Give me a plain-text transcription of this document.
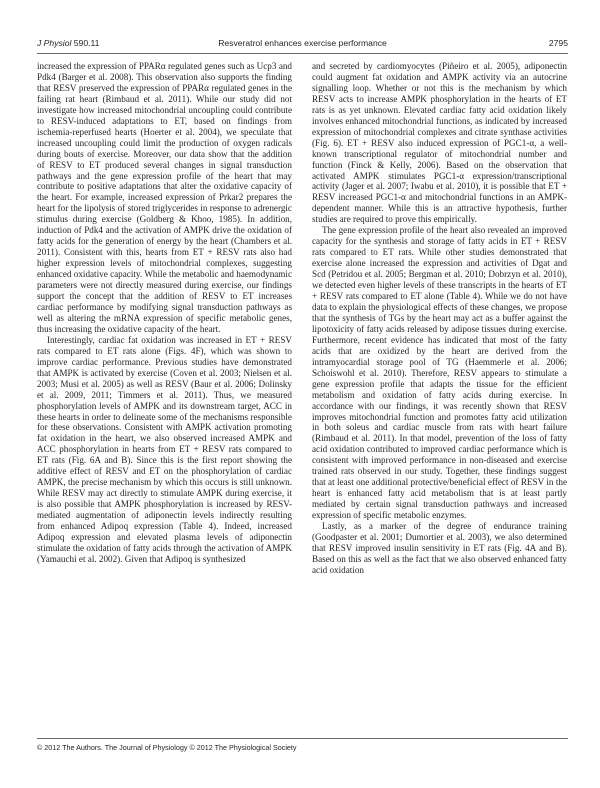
J Physiol 590.11	Resveratrol enhances exercise performance	2795

increased the expression of PPARα regulated genes such as Ucp3 and Pdk4 (Barger et al. 2008). This observation also supports the finding that RESV preserved the expression of PPARα regulated genes in the failing rat heart (Rimbaud et al. 2011). While our study did not investigate how increased mitochondrial uncoupling could contribute to RESV-induced adaptations to ET, based on findings from ischemia-reperfused hearts (Hoerter et al. 2004), we speculate that increased uncoupling could limit the production of oxygen radicals during bouts of exercise. Moreover, our data show that the addition of RESV to ET produced several changes in signal transduction pathways and the gene expression profile of the heart that may contribute to positive adaptations that alter the oxidative capacity of the heart. For example, increased expression of Prkar2 prepares the heart for the lipolysis of stored triglycerides in response to adrenergic stimulus during exercise (Goldberg & Khoo, 1985). In addition, induction of Pdk4 and the activation of AMPK drive the oxidation of fatty acids for the generation of energy by the heart (Chambers et al. 2011). Consistent with this, hearts from ET + RESV rats also had higher expression levels of mitochondrial complexes, suggesting enhanced oxidative capacity. While the metabolic and haemodynamic parameters were not directly measured during exercise, our findings support the concept that the addition of RESV to ET increases cardiac performance by modifying signal transduction pathways as well as altering the mRNA expression of specific metabolic genes, thus increasing the oxidative capacity of the heart.

Interestingly, cardiac fat oxidation was increased in ET + RESV rats compared to ET rats alone (Figs. 4F), which was shown to improve cardiac performance. Previous studies have demonstrated that AMPK is activated by exercise (Coven et al. 2003; Nielsen et al. 2003; Musi et al. 2005) as well as RESV (Baur et al. 2006; Dolinsky et al. 2009, 2011; Timmers et al. 2011). Thus, we measured phosphorylation levels of AMPK and its downstream target, ACC in these hearts in order to delineate some of the mechanisms responsible for these observations. Consistent with AMPK activation promoting fat oxidation in the heart, we also observed increased AMPK and ACC phosphorylation in hearts from ET + RESV rats compared to ET rats (Fig. 6A and B). Since this is the first report showing the additive effect of RESV and ET on the phosphorylation of cardiac AMPK, the precise mechanism by which this occurs is still unknown. While RESV may act directly to stimulate AMPK during exercise, it is also possible that AMPK phosphorylation is increased by RESV-mediated augmentation of adiponectin levels indirectly resulting from enhanced Adipoq expression (Table 4). Indeed, increased Adipoq expression and elevated plasma levels of adiponectin stimulate the oxidation of fatty acids through the activation of AMPK (Yamauchi et al. 2002). Given that Adipoq is synthesized

and secreted by cardiomyocytes (Piñeiro et al. 2005), adiponectin could augment fat oxidation and AMPK activity via an autocrine signalling loop. Whether or not this is the mechanism by which RESV acts to increase AMPK phosphorylation in the hearts of ET rats is as yet unknown. Elevated cardiac fatty acid oxidation likely involves enhanced mitochondrial functions, as indicated by increased expression of mitochondrial complexes and citrate synthase activities (Fig. 6). ET + RESV also induced expression of PGC1-α, a well-known transcriptional regulator of mitochondrial number and function (Finck & Kelly, 2006). Based on the observation that activated AMPK stimulates PGC1-α expression/transcriptional activity (Jager et al. 2007; Iwabu et al. 2010), it is possible that ET + RESV increased PGC1-α and mitochondrial functions in an AMPK-dependent manner. While this is an attractive hypothesis, further studies are required to prove this empirically.

The gene expression profile of the heart also revealed an improved capacity for the synthesis and storage of fatty acids in ET + RESV rats compared to ET rats. While other studies demonstrated that exercise alone increased the expression and activities of Dgat and Scd (Petridou et al. 2005; Bergman et al. 2010; Dobrzyn et al. 2010), we detected even higher levels of these transcripts in the hearts of ET + RESV rats compared to ET alone (Table 4). While we do not have data to explain the physiological effects of these changes, we propose that the synthesis of TGs by the heart may act as a buffer against the lipotoxicity of fatty acids released by adipose tissues during exercise. Furthermore, recent evidence has indicated that most of the fatty acids that are oxidized by the heart are derived from the intramyocardial storage pool of TG (Haemmerle et al. 2006; Schoiswohl et al. 2010). Therefore, RESV appears to stimulate a gene expression profile that adapts the tissue for the efficient metabolism and oxidation of fatty acids during exercise. In accordance with our findings, it was recently shown that RESV improves mitochondrial function and promotes fatty acid utilization in both soleus and cardiac muscle from rats with heart failure (Rimbaud et al. 2011). In that model, prevention of the loss of fatty acid oxidation contributed to improved cardiac performance which is consistent with improved performance in non-diseased and exercise trained rats observed in our study. Together, these findings suggest that at least one additional protective/beneficial effect of RESV in the heart is enhanced fatty acid metabolism that is at least partly mediated by certain signal transduction pathways and increased expression of specific metabolic enzymes.

Lastly, as a marker of the degree of endurance training (Goodpaster et al. 2001; Dumortier et al. 2003), we also determined that RESV improved insulin sensitivity in ET rats (Fig. 4A and B). Based on this as well as the fact that we also observed enhanced fatty acid oxidation

© 2012 The Authors. The Journal of Physiology © 2012 The Physiological Society
